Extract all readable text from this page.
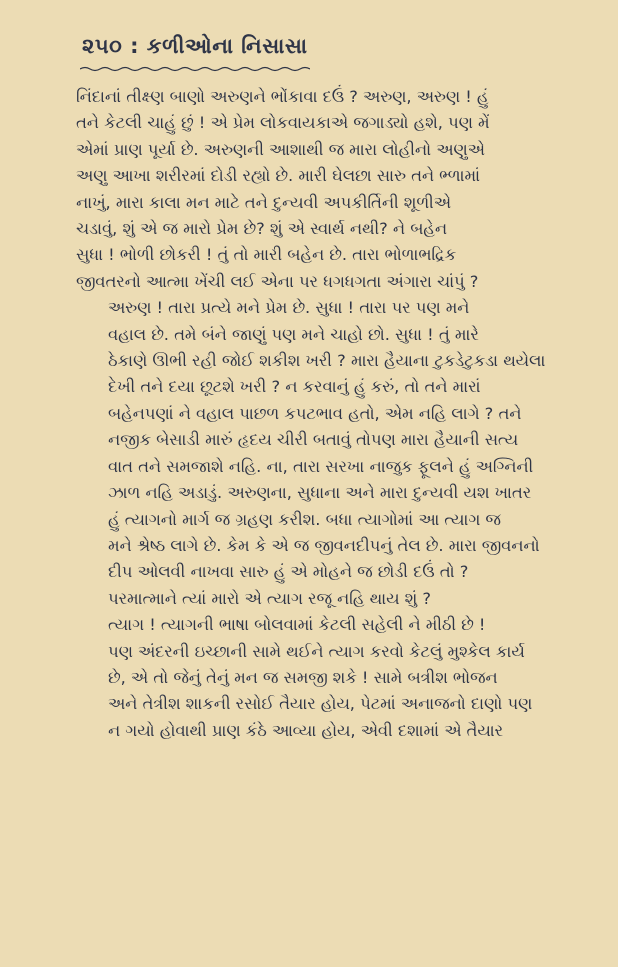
૨૫૦ : કળીઓના નિસાસા

નિંદાનાં તીક્ષ્ણ બાણો અરુણને ભોંકાવા દઉં ? અરુણ, અરુણ ! હું
તને કેટલી ચાહું છું ! એ પ્રેમ લોકવાયકાએ જગાડ્યો હશે, પણ મેં
એમાં પ્રાણ પૂર્યા છે. અરુણની આશાથી જ મારા લોહીનો અણુએ
અણુ આખા શરીરમાં દોડી રહ્યો છે. મારી ઘેલછા સારુ તને ભ્ળામાં
નાખું, મારા કાલા મન માટે તને દુન્યવી અપકીર્તિની શૂળીએ
ચડાવું, શું એ જ મારો પ્રેમ છે? શું એ સ્વાર્થ નથી? ને બહેન
સુધા ! ભોળી છોકરી ! તું તો મારી બહેન છે. તારા ભોળાભદ્રિક
જીવતરનો આત્મા ખેંચી લઈ એના પર ધગધગતા અંગારા ચાંપું ?

અરુણ ! તારા પ્રત્યે મને પ્રેમ છે. સુધા ! તારા પર પણ મને
વહાલ છે. તમે બંને જાણું પણ મને ચાહો છો. સુધા ! તું મારે
ઠેકાણે ઊભી રહી જોઈ શકીશ ખરી ? મારા હૈયાના ટુકડેટુકડા થયેલા
દેખી તને દયા છૂટશે ખરી ? ન કરવાનું હું કરું, તો તને મારાં
બહેનપણાં ને વહાલ પાછળ કપટભાવ હતો, એમ નહિ લાગે ? તને
નજીક બેસાડી મારું હૃદય ચીરી બતાવું તોપણ મારા હૈયાની સત્ય
વાત તને સમજાશે નહિ. ના, તારા સરખા નાજુક ફૂલને હું અગ્નિની
ઝાળ નહિ અડાડું. અરુણના, સુધાના અને મારા દુન્યવી યશ ખાતર
હું ત્યાગનો માર્ગ જ ગ્રહણ કરીશ. બધા ત્યાગોમાં આ ત્યાગ જ
મને શ્રેષ્ઠ લાગે છે. કેમ કે એ જ જીવનદીપનું તેલ છે. મારા જીવનનો
દીપ ઓલવી નાખવા સારુ હું એ મોહને જ છોડી દઉં તો ?
પરમાત્માને ત્યાં મારો એ ત્યાગ રજૂ નહિ થાય શું ?

ત્યાગ ! ત્યાગની ભાષા બોલવામાં કેટલી સહેલી ને મીઠી છે !
પણ અંદરની ઇચ્છાની સામે થઈને ત્યાગ કરવો કેટલું મુશ્કેલ કાર્ય
છે, એ તો જેનું તેનું મન જ સમજી શકે ! સામે બત્રીશ ભોજન
અને તેત્રીશ શાકની રસોઈ તૈયાર હોય, પેટમાં અનાજનો દાણો પણ
ન ગયો હોવાથી પ્રાણ કંઠે આવ્યા હોય, એવી દશામાં એ તૈયાર
